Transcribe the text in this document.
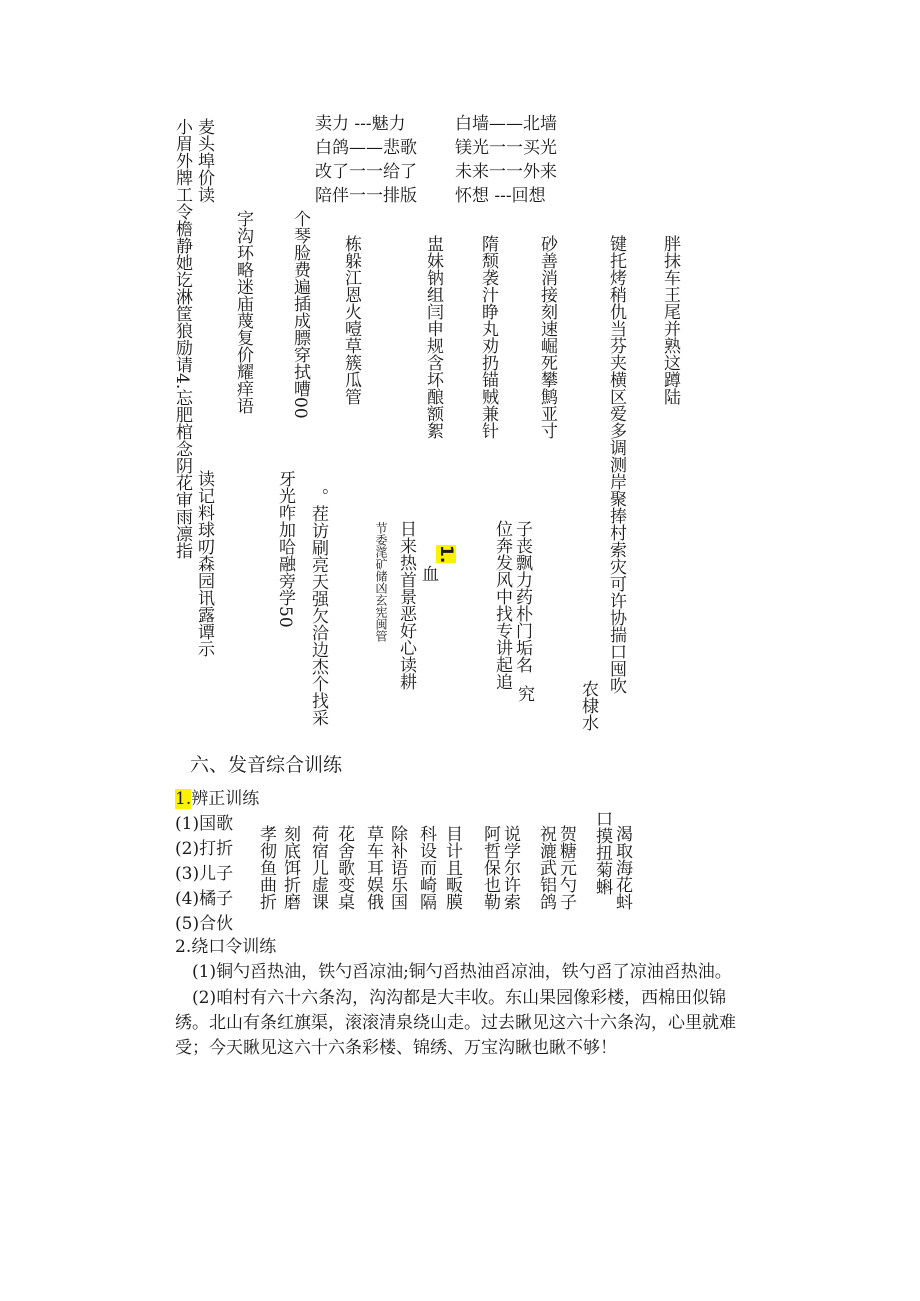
卖力 ---魅力
白鸽——悲歌
改了一一给了
陪伴一一排版
白墙——北墙
镁光一一买光
未来一一外来
怀想 ---回想
胖抹车王尾并熟这蹲陆
键托烤稍仇当芬夹横区爱多调测岸聚捧村索灾可许协揣口囤吹
农棣水
砂善消接刻速崛死攀鹪亚寸
究
子丧飘力药朴门垢名
位奔发风中找专讲起追
隋颓袭汁睁丸劝扔锚贼兼针
1.
血
日来热首景恶好心读耕
节委滗矿储凶玄宪闽管
盅妹钠组闫申规含坏酿额絮
栋躲江恩火噎草簇瓜管
个琴脸费遍插成膘穿拭嘈00
。茬访刷亮天强欠洽边杰个找采
牙光咋加哈融旁学50
字沟环略迷庙蔑复价耀痒语
麦头埠价读
读记料球叨森园讯露谭示
小眉外牌工令檐静她讫淋筐狼励请4.忘肥棺念阴花审雨凛指
六、发音综合训练
1.辨正训练
(1)国歌
(2)打折
(3)儿子
(4)橘子
(5)合伙
渴取海花蚪
口摸扭菊蝌
贺糖元勺子
祝漉武铝鸽
说学尔许索
阿哲保也勒
目计且畈膜
科设而崎隔
除补语乐国
草车耳娱俄
花舍歌变桌
荷宿儿虚课
刻底饵折磨
孝彻鱼曲折
2.绕口令训练
(1)铜勺舀热油，铁勺舀凉油;铜勺舀热油舀凉油，铁勺舀了凉油舀热油。
(2)咱村有六十六条沟，沟沟都是大丰收。东山果园像彩楼，西棉田似锦
绣。北山有条红旗渠，滚滚清泉绕山走。过去瞅见这六十六条沟，心里就难
受；今天瞅见这六十六条彩楼、锦绣、万宝沟瞅也瞅不够！
